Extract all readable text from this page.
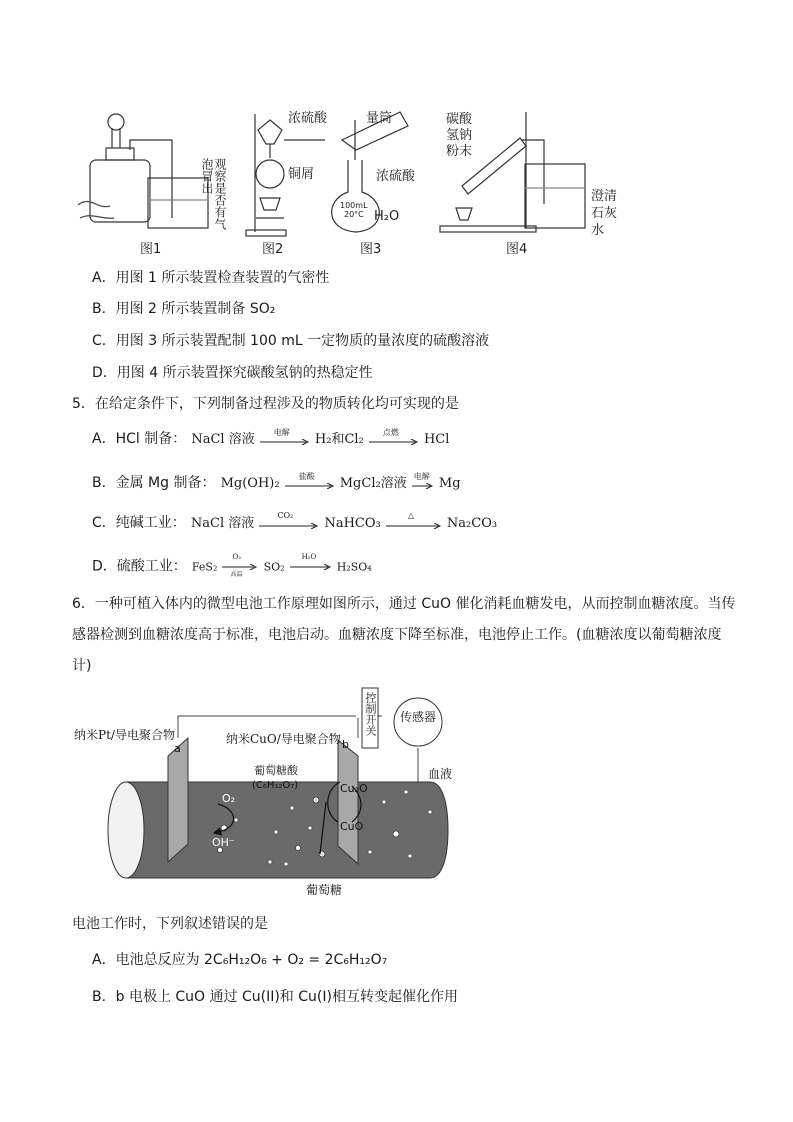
图1
浓硫酸
铜屑
图2
量筒
浓硫酸
100mL
20°C H₂O
图3	图4
观察是否有气泡冒出
碳酸氢钠粉末
澄清石灰水
A．用图 1 所示装置检查装置的气密性
B．用图 2 所示装置制备 SO₂
C．用图 3 所示装置配制 100 mL 一定物质的量浓度的硫酸溶液
D．用图 4 所示装置探究碳酸氢钠的热稳定性
5．在给定条件下，下列制备过程涉及的物质转化均可实现的是
A．HCl 制备： NaCl 溶液 电解 H₂和Cl₂ 点燃 HCl
B．金属 Mg 制备： Mg(OH)₂ 盐酸 MgCl₂溶液 电解 Mg
C．纯碱工业： NaCl 溶液
CO₂
NaHCO₃
△
Na₂CO₃
D．硫酸工业： FeS₂
O₂
高温
SO₂
H₂O
H₂SO₄
6．一种可植入体内的微型电池工作原理如图所示，通过 CuO 催化消耗血糖发电，从而控制血糖浓度。当传
感器检测到血糖浓度高于标准，电池启动。血糖浓度下降至标准，电池停止工作。(血糖浓度以葡萄糖浓度
计)
O₂
OH⁻
Cu₂O
CuO
a	b
血液
葡萄糖
葡萄糖酸
(C₆H₁₂O₇)
纳米Pt/导电聚合物	纳米CuO/导电聚合物
控制开关 传感器
电池工作时，下列叙述错误的是
A．电池总反应为 2C₆H₁₂O₆ + O₂ = 2C₆H₁₂O₇
B．b 电极上 CuO 通过 Cu(II)和 Cu(I)相互转变起催化作用
